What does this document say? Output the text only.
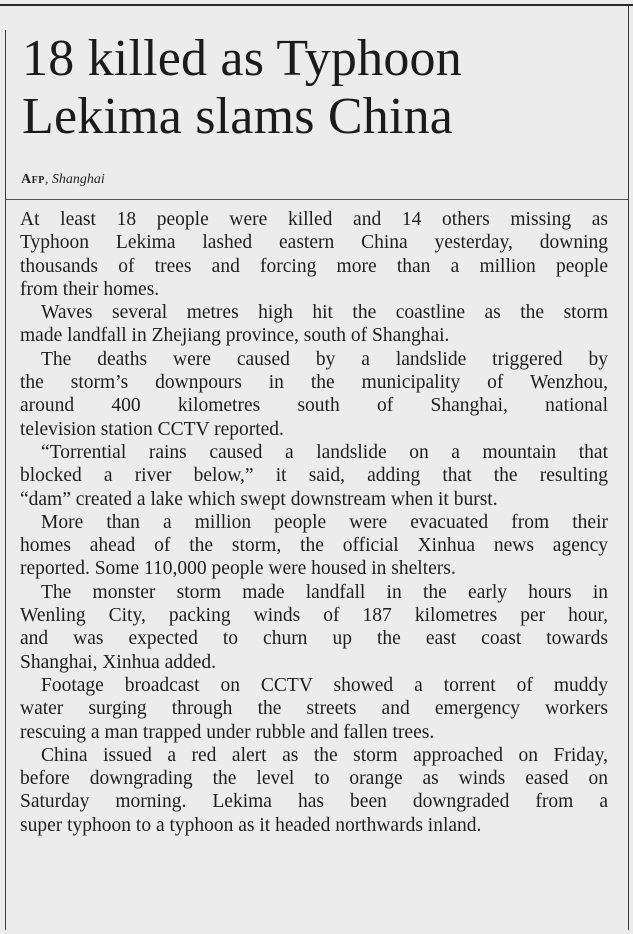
18 killed as Typhoon
Lekima slams China
Afp, Shanghai
At least 18 people were killed and 14 others missing as
Typhoon Lekima lashed eastern China yesterday, downing
thousands of trees and forcing more than a million people
from their homes.
Waves several metres high hit the coastline as the storm
made landfall in Zhejiang province, south of Shanghai.
The deaths were caused by a landslide triggered by
the storm’s downpours in the municipality of Wenzhou,
around 400 kilometres south of Shanghai, national
television station CCTV reported.
“Torrential rains caused a landslide on a mountain that
blocked a river below,” it said, adding that the resulting
“dam” created a lake which swept downstream when it burst.
More than a million people were evacuated from their
homes ahead of the storm, the official Xinhua news agency
reported. Some 110,000 people were housed in shelters.
The monster storm made landfall in the early hours in
Wenling City, packing winds of 187 kilometres per hour,
and was expected to churn up the east coast towards
Shanghai, Xinhua added.
Footage broadcast on CCTV showed a torrent of muddy
water surging through the streets and emergency workers
rescuing a man trapped under rubble and fallen trees.
China issued a red alert as the storm approached on Friday,
before downgrading the level to orange as winds eased on
Saturday morning. Lekima has been downgraded from a
super typhoon to a typhoon as it headed northwards inland.
